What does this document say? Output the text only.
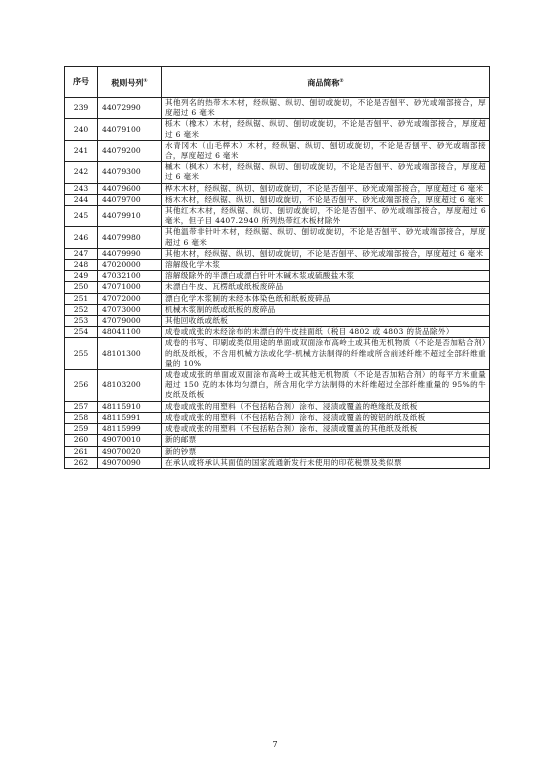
序号	税则号列①	商品简称②
239	44072990	其他列名的热带木木材，经纵锯、纵切、刨切或旋切，不论是否刨平、砂光或端部接合，厚度超过 6 毫米
240	44079100	栎木（橡木）木材，经纵锯、纵切、刨切或旋切，不论是否刨平、砂光或端部接合，厚度超过 6 毫米
241	44079200	水青冈木（山毛榉木）木材，经纵锯、纵切、刨切或旋切，不论是否刨平、砂光或端部接合，厚度超过 6 毫米
242	44079300	槭木（枫木）木材，经纵锯、纵切、刨切或旋切，不论是否刨平、砂光或端部接合，厚度超过 6 毫米
243	44079600	桦木木材，经纵锯、纵切、刨切或旋切，不论是否刨平、砂光或端部接合，厚度超过 6 毫米
244	44079700	杨木木材，经纵锯、纵切、刨切或旋切，不论是否刨平、砂光或端部接合，厚度超过 6 毫米
245	44079910	其他红木木材，经纵锯、纵切、刨切或旋切，不论是否刨平、砂光或端部接合，厚度超过 6 毫米，但子目 4407.2940 所列热带红木板材除外
246	44079980	其他温带非针叶木材，经纵锯、纵切、刨切或旋切，不论是否刨平、砂光或端部接合，厚度超过 6 毫米
247	44079990	其他木材，经纵锯、纵切、刨切或旋切，不论是否刨平、砂光或端部接合，厚度超过 6 毫米
248	47020000	溶解级化学木浆
249	47032100	溶解级除外的半漂白或漂白针叶木碱木浆或硫酸盐木浆
250	47071000	未漂白牛皮、瓦楞纸或纸板废碎品
251	47072000	漂白化学木浆制的未经本体染色纸和纸板废碎品
252	47073000	机械木浆制的纸或纸板的废碎品
253	47079000	其他回收纸或纸板
254	48041100	成卷或成张的未经涂布的未漂白的牛皮挂面纸（税目 4802 或 4803 的货品除外）
255	48101300	成卷的书写、印刷或类似用途的单面或双面涂布高岭土或其他无机物质（不论是否加粘合剂）的纸及纸板，不含用机械方法或化学-机械方法制得的纤维或所含前述纤维不超过全部纤维重量的 10%
256	48103200	成卷或成张的单面或双面涂布高岭土或其他无机物质（不论是否加粘合剂）的每平方米重量超过 150 克的本体均匀漂白，所含用化学方法制得的木纤维超过全部纤维重量的 95%的牛皮纸及纸板
257	48115910	成卷或成张的用塑料（不包括粘合剂）涂布、浸渍或覆盖的绝缘纸及纸板
258	48115991	成卷或成张的用塑料（不包括粘合剂）涂布、浸渍或覆盖的镀铝的纸及纸板
259	48115999	成卷或成张的用塑料（不包括粘合剂）涂布、浸渍或覆盖的其他纸及纸板
260	49070010	新的邮票
261	49070020	新的钞票
262	49070090	在承认或将承认其面值的国家流通新发行未使用的印花税票及类似票
7
